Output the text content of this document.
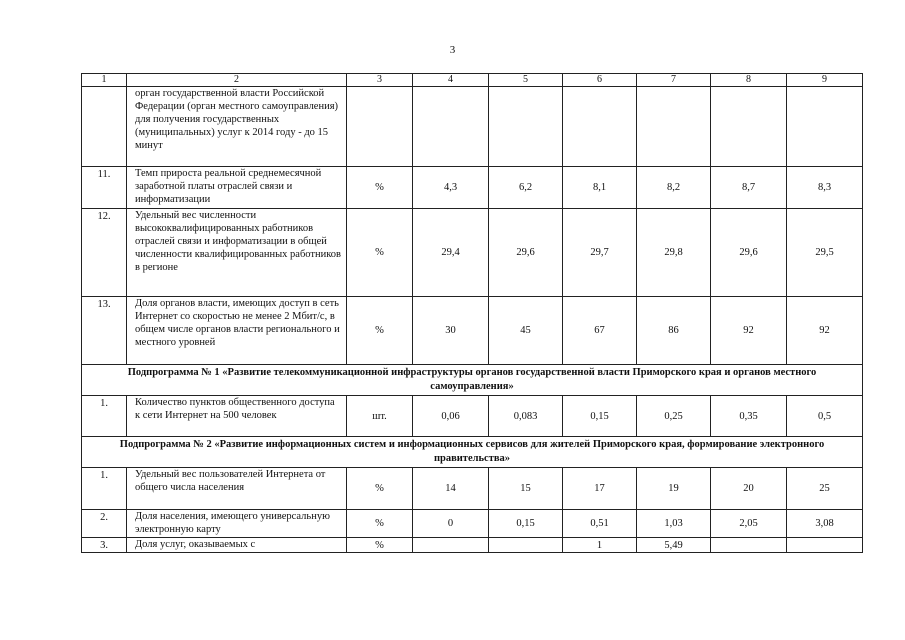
3
1	2	3	4	5	6	7	8	9
	орган государственной власти Российской Федерации (орган местного самоуправления) для получения государственных (муниципальных) услуг к 2014 году - до 15 минут							
11.	Темп прироста реальной среднемесячной заработной платы отраслей связи и информатизации	%	4,3	6,2	8,1	8,2	8,7	8,3
12.	Удельный вес численности высококвалифицированных работников отраслей связи и информатизации в общей численности квалифицированных работников в регионе	%	29,4	29,6	29,7	29,8	29,6	29,5
13.	Доля органов власти, имеющих доступ в сеть Интернет со скоростью не менее 2 Мбит/с, в общем числе органов власти регионального и местного уровней	%	30	45	67	86	92	92
Подпрограмма № 1 «Развитие телекоммуникационной инфраструктуры органов государственной власти Приморского края и органов местного самоуправления»								
1.	Количество пунктов общественного доступа к сети Интернет на 500 человек	шт.	0,06	0,083	0,15	0,25	0,35	0,5
Подпрограмма № 2 «Развитие информационных систем и информационных сервисов для жителей Приморского края, формирование электронного правительства»								
1.	Удельный вес пользователей Интернета от общего числа населения	%	14	15	17	19	20	25
2.	Доля населения, имеющего универсальную электронную карту	%	0	0,15	0,51	1,03	2,05	3,08
3.	Доля услуг, оказываемых с	%			1	5,49		
